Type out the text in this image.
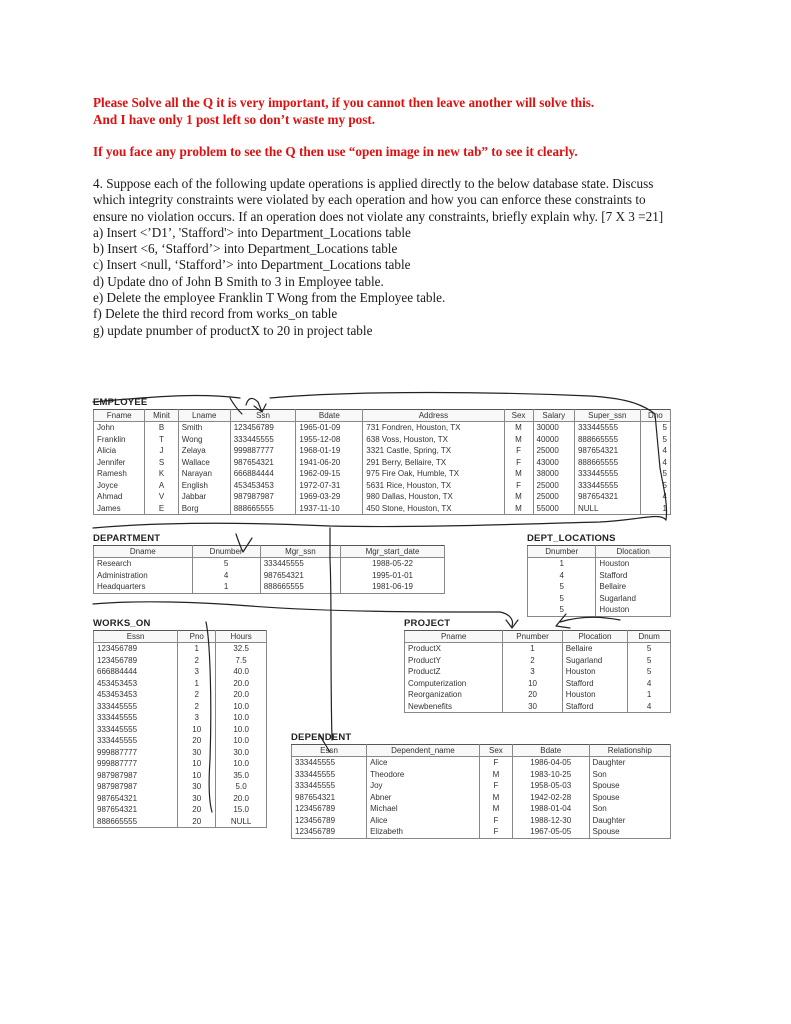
Please Solve all the Q it is very important, if you cannot then leave another will solve this.
And I have only 1 post left so don’t waste my post.
If you face any problem to see the Q then use “open image in new tab” to see it clearly.
4. Suppose each of the following update operations is applied directly to the below database state. Discuss which integrity constraints were violated by each operation and how you can enforce these constraints to ensure no violation occurs. If an operation does not violate any constraints, briefly explain why. [7 X 3 =21]
a) Insert <’D1’, 'Stafford'> into Department_Locations table
b) Insert <6, ‘Stafford’> into Department_Locations table
c) Insert <null, ‘Stafford’> into Department_Locations table
d) Update dno of John B Smith to 3 in Employee table.
e) Delete the employee Franklin T Wong from the Employee table.
f) Delete the third record from works_on table
g) update pnumber of productX to 20 in project table
EMPLOYEE
DEPARTMENT	DEPT_LOCATIONS
WORKS_ON	PROJECT
DEPENDENT
Fname	Minit	Lname	Ssn	Bdate	Address	Sex	Salary	Super_ssn	Dno
John	B	Smith	123456789	1965-01-09	731 Fondren, Houston, TX	M	30000	333445555	5
Franklin	T	Wong	333445555	1955-12-08	638 Voss, Houston, TX	M	40000	888665555	5
Alicia	J	Zelaya	999887777	1968-01-19	3321 Castle, Spring, TX	F	25000	987654321	4
Jennifer	S	Wallace	987654321	1941-06-20	291 Berry, Bellaire, TX	F	43000	888665555	4
Ramesh	K	Narayan	666884444	1962-09-15	975 Fire Oak, Humble, TX	M	38000	333445555	5
Joyce	A	English	453453453	1972-07-31	5631 Rice, Houston, TX	F	25000	333445555	5
Ahmad	V	Jabbar	987987987	1969-03-29	980 Dallas, Houston, TX	M	25000	987654321	4
James	E	Borg	888665555	1937-11-10	450 Stone, Houston, TX	M	55000	NULL	1
Dname	Dnumber	Mgr_ssn	Mgr_start_date
Research	5	333445555	1988-05-22
Administration	4	987654321	1995-01-01
Headquarters	1	888665555	1981-06-19
Dnumber	Dlocation
1	Houston
4	Stafford
5	Bellaire
5	Sugarland
5	Houston
Essn	Pno	Hours
123456789	1	32.5
123456789	2	7.5
666884444	3	40.0
453453453	1	20.0
453453453	2	20.0
333445555	2	10.0
333445555	3	10.0
333445555	10	10.0
333445555	20	10.0
999887777	30	30.0
999887777	10	10.0
987987987	10	35.0
987987987	30	5.0
987654321	30	20.0
987654321	20	15.0
888665555	20	NULL
Pname	Pnumber	Plocation	Dnum
ProductX	1	Bellaire	5
ProductY	2	Sugarland	5
ProductZ	3	Houston	5
Computerization	10	Stafford	4
Reorganization	20	Houston	1
Newbenefits	30	Stafford	4
Essn	Dependent_name	Sex	Bdate	Relationship
333445555	Alice	F	1986-04-05	Daughter
333445555	Theodore	M	1983-10-25	Son
333445555	Joy	F	1958-05-03	Spouse
987654321	Abner	M	1942-02-28	Spouse
123456789	Michael	M	1988-01-04	Son
123456789	Alice	F	1988-12-30	Daughter
123456789	Elizabeth	F	1967-05-05	Spouse
